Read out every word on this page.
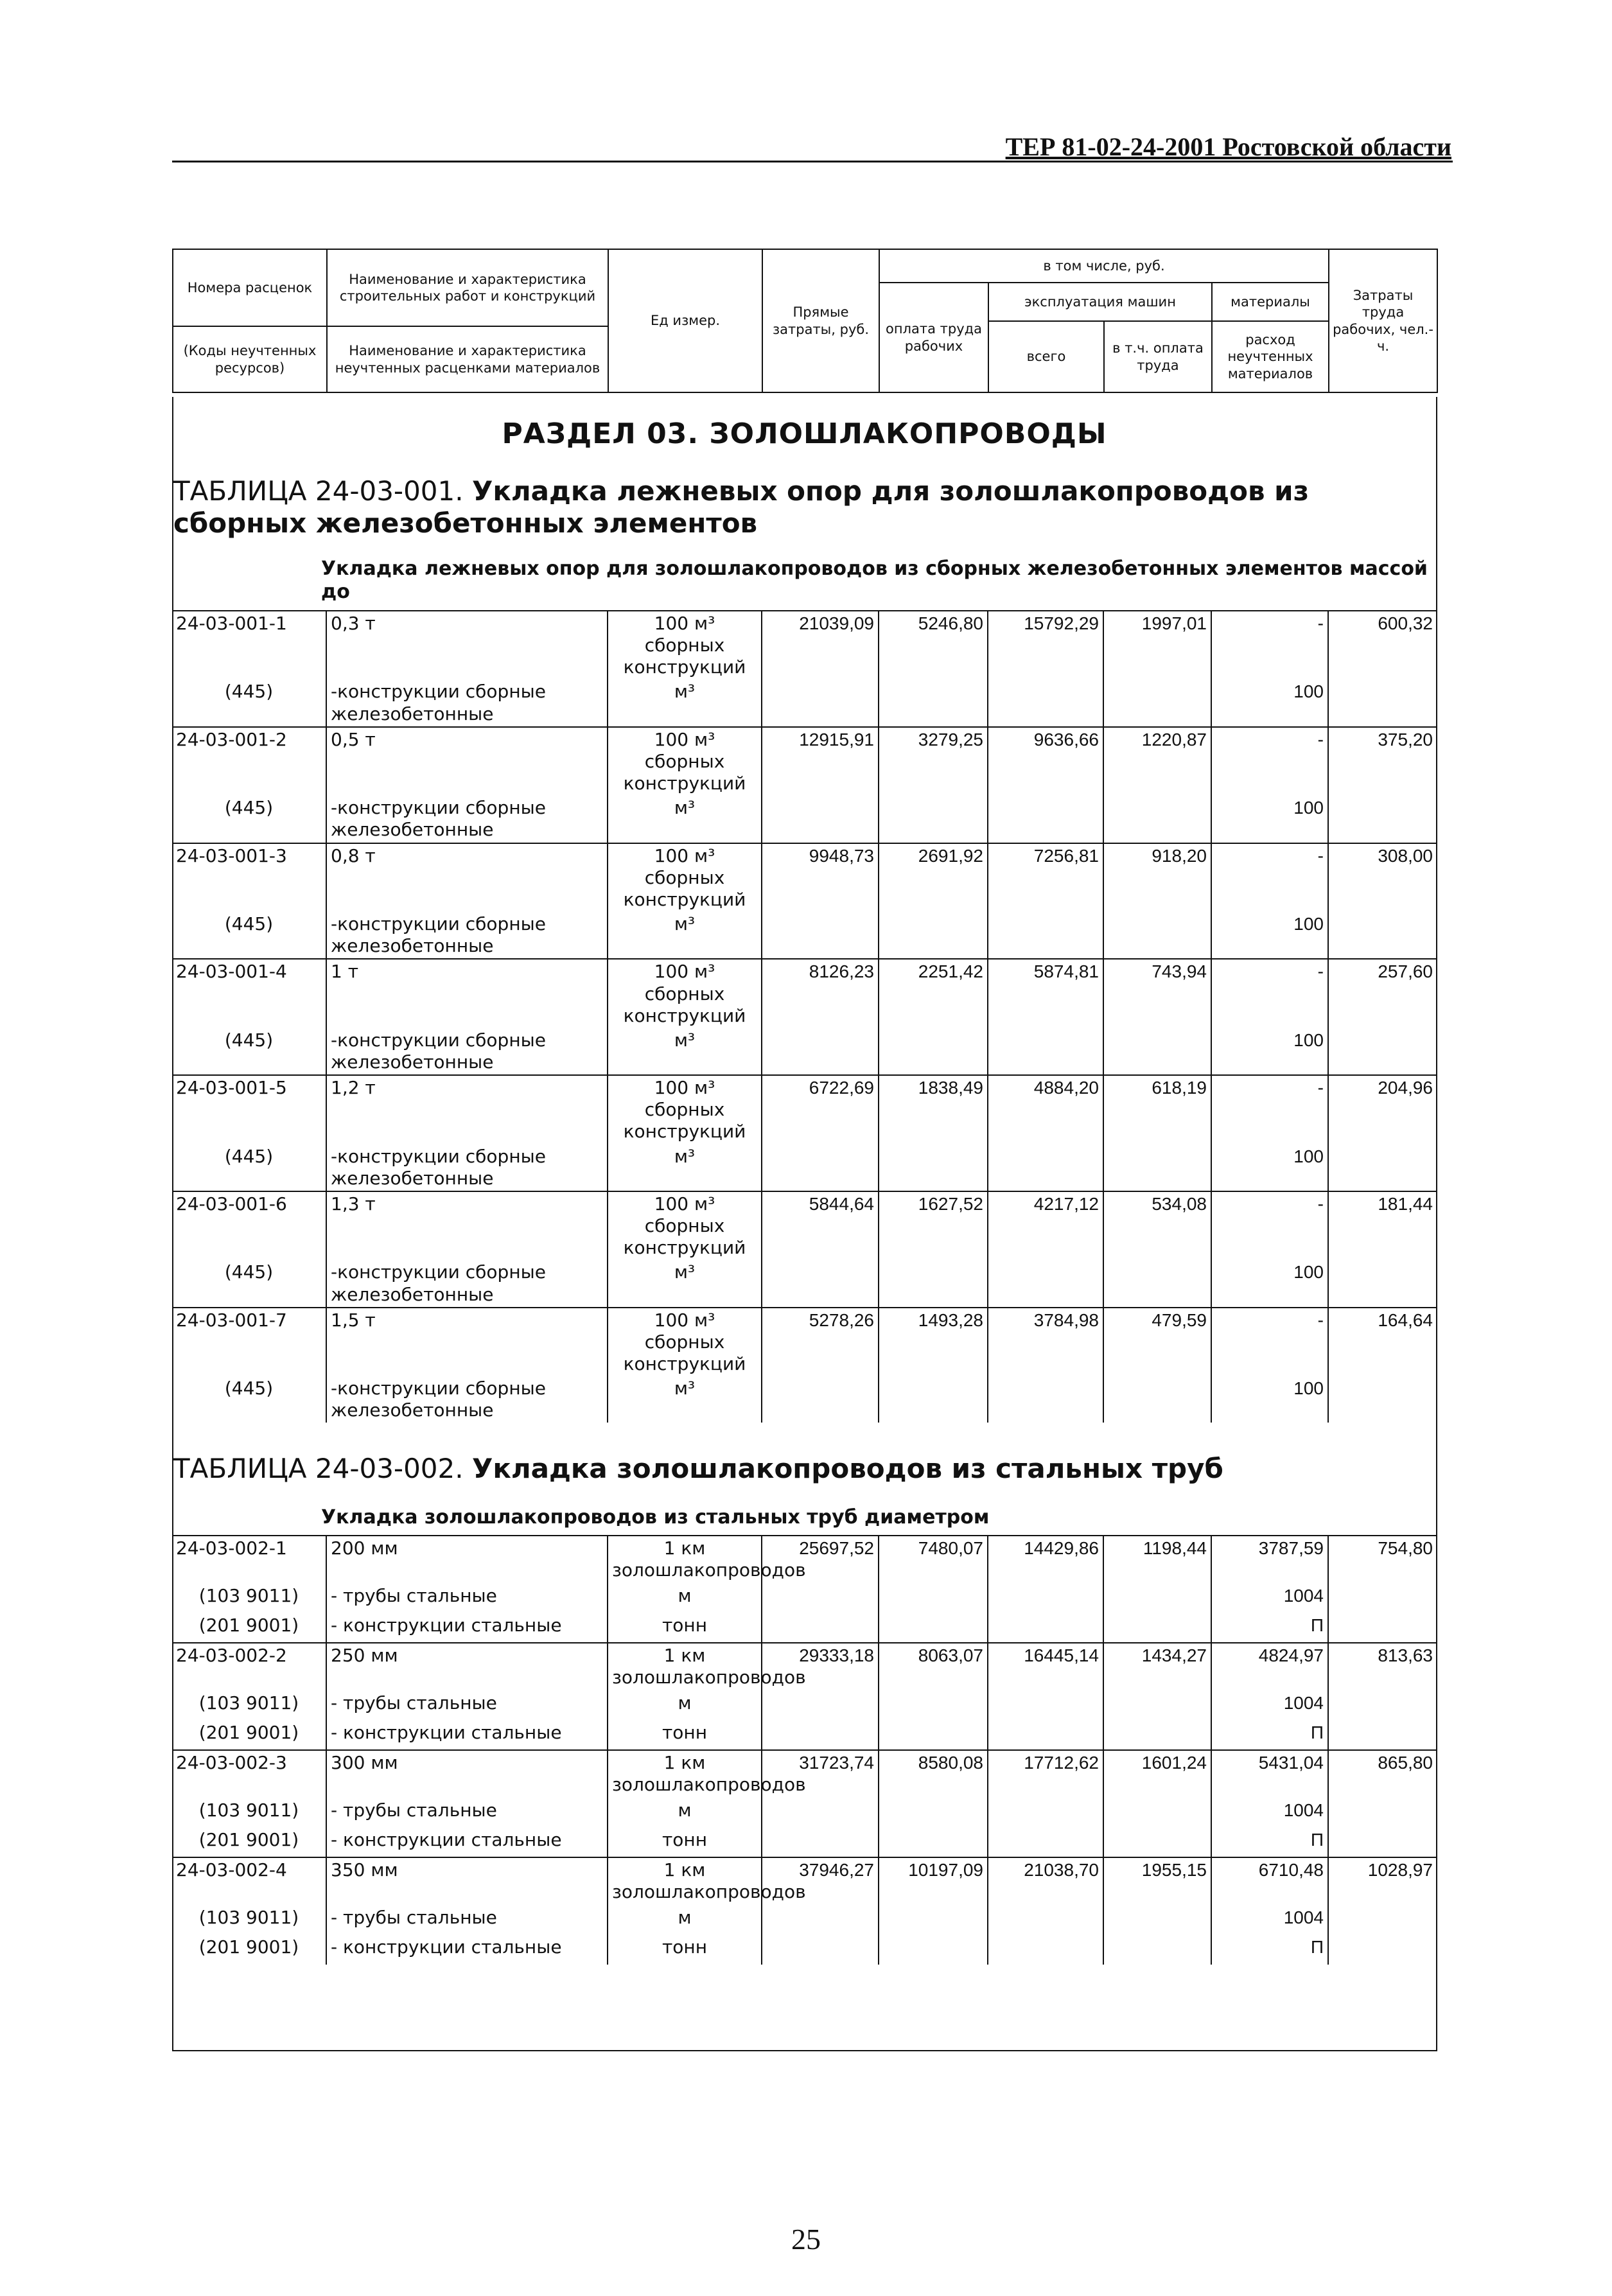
ТЕР 81-02-24-2001 Ростовской области
Номера расценок	Наименование и характеристика строительных работ и конструкций	Ед измер.	Прямые затраты, руб.	в том числе, руб.				Затраты труда рабочих, чел.-ч.
				оплата труда рабочих	эксплуатация машин		материалы	
					всего	в т.ч. оплата труда	расход неучтенных материалов	
(Коды неучтенных ресурсов)	Наименование и характеристика неучтенных расценками материалов							

РАЗДЕЛ 03. ЗОЛОШЛАКОПРОВОДЫ
ТАБЛИЦА 24-03-001. Укладка лежневых опор для золошлакопроводов из сборных железобетонных элементов
Укладка лежневых опор для золошлакопроводов из сборных железобетонных элементов массой до
24-03-001-1	0,3 т	100 м³ сборных конструкций	21039,09	5246,80	15792,29	1997,01	-	600,32
(445)	-конструкции сборные железобетонные	м³					100	
24-03-001-2	0,5 т	100 м³ сборных конструкций	12915,91	3279,25	9636,66	1220,87	-	375,20
(445)	-конструкции сборные железобетонные	м³					100	
24-03-001-3	0,8 т	100 м³ сборных конструкций	9948,73	2691,92	7256,81	918,20	-	308,00
(445)	-конструкции сборные железобетонные	м³					100	
24-03-001-4	1 т	100 м³ сборных конструкций	8126,23	2251,42	5874,81	743,94	-	257,60
(445)	-конструкции сборные железобетонные	м³					100	
24-03-001-5	1,2 т	100 м³ сборных конструкций	6722,69	1838,49	4884,20	618,19	-	204,96
(445)	-конструкции сборные железобетонные	м³					100	
24-03-001-6	1,3 т	100 м³ сборных конструкций	5844,64	1627,52	4217,12	534,08	-	181,44
(445)	-конструкции сборные железобетонные	м³					100	
24-03-001-7	1,5 т	100 м³ сборных конструкций	5278,26	1493,28	3784,98	479,59	-	164,64
(445)	-конструкции сборные железобетонные	м³					100	
ТАБЛИЦА 24-03-002. Укладка золошлакопроводов из стальных труб
Укладка золошлакопроводов из стальных труб диаметром
24-03-002-1	200 мм	1 км золошлакопроводов	25697,52	7480,07	14429,86	1198,44	3787,59	754,80
(103 9011)	- трубы стальные	м					1004	
(201 9001)	- конструкции стальные	тонн					П	
24-03-002-2	250 мм	1 км золошлакопроводов	29333,18	8063,07	16445,14	1434,27	4824,97	813,63
(103 9011)	- трубы стальные	м					1004	
(201 9001)	- конструкции стальные	тонн					П	
24-03-002-3	300 мм	1 км золошлакопроводов	31723,74	8580,08	17712,62	1601,24	5431,04	865,80
(103 9011)	- трубы стальные	м					1004	
(201 9001)	- конструкции стальные	тонн					П	
24-03-002-4	350 мм	1 км золошлакопроводов	37946,27	10197,09	21038,70	1955,15	6710,48	1028,97
(103 9011)	- трубы стальные	м					1004	
(201 9001)	- конструкции стальные	тонн					П	
25
